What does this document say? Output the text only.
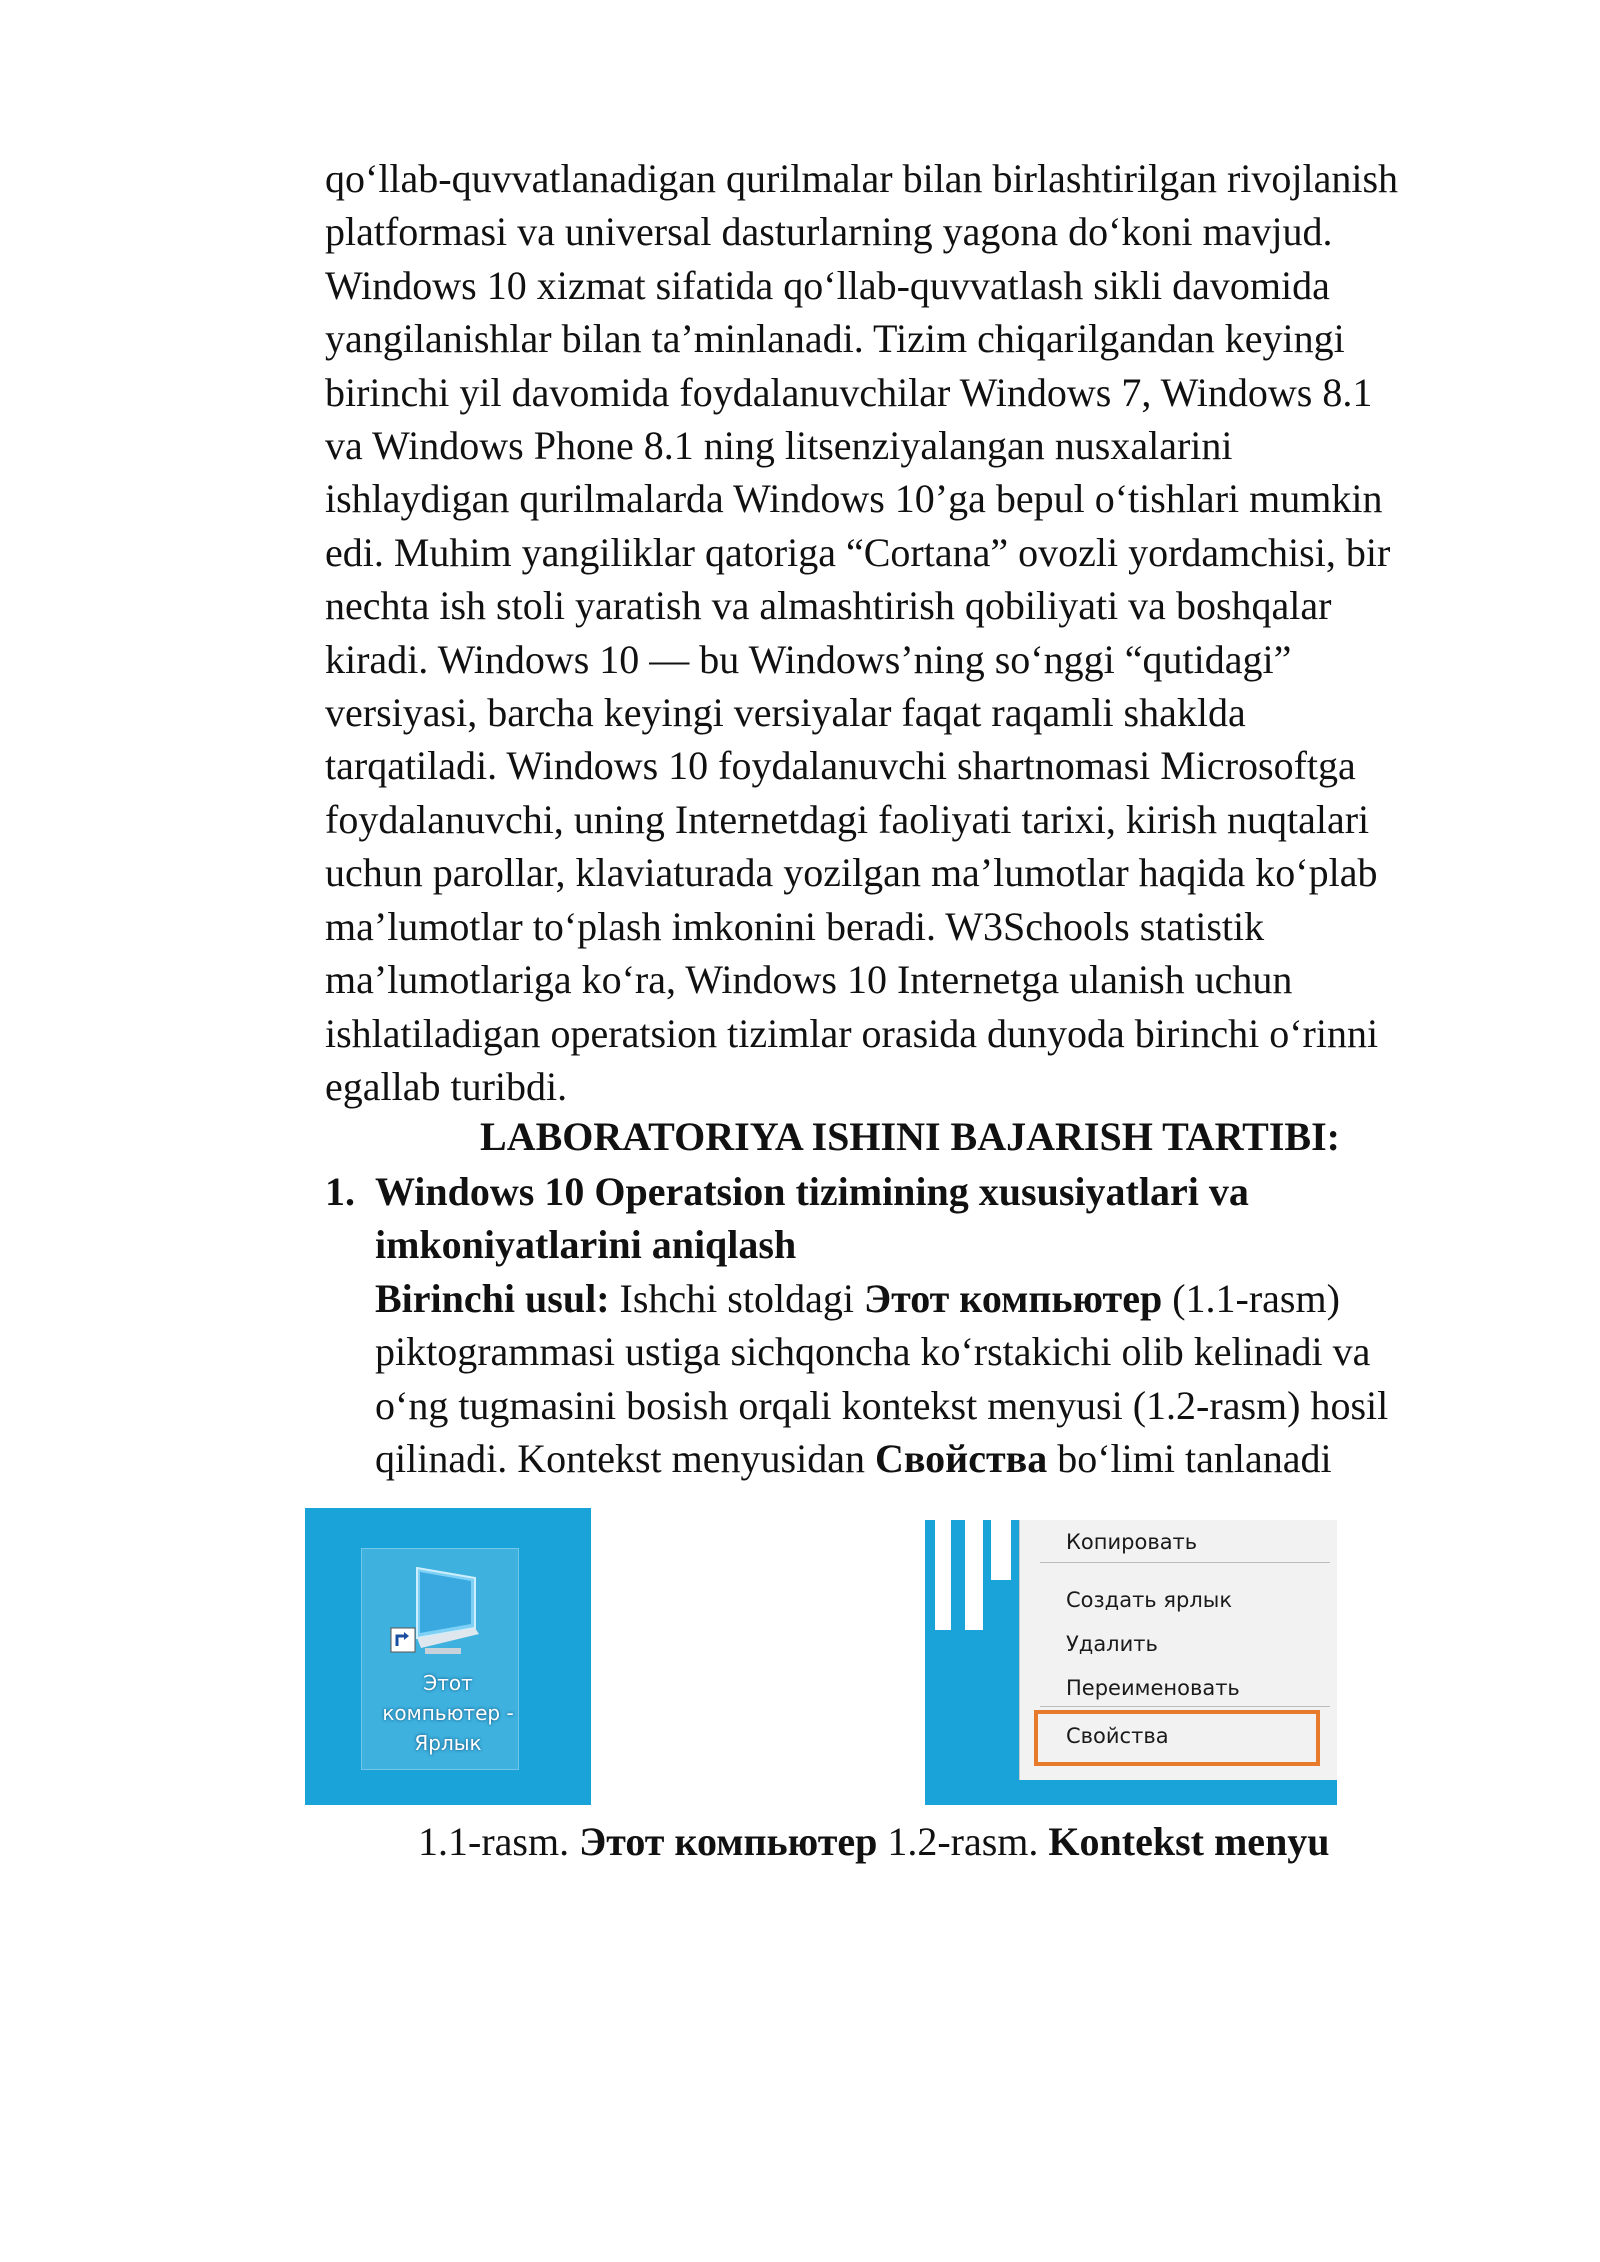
qo‘llab-quvvatlanadigan qurilmalar bilan birlashtirilgan rivojlanish
platformasi va universal dasturlarning yagona do‘koni mavjud.
Windows 10 xizmat sifatida qo‘llab-quvvatlash sikli davomida
yangilanishlar bilan ta’minlanadi. Tizim chiqarilgandan keyingi
birinchi yil davomida foydalanuvchilar Windows 7, Windows 8.1
va Windows Phone 8.1 ning litsenziyalangan nusxalarini
ishlaydigan qurilmalarda Windows 10’ga bepul o‘tishlari mumkin
edi. Muhim yangiliklar qatoriga “Cortana” ovozli yordamchisi, bir
nechta ish stoli yaratish va almashtirish qobiliyati va boshqalar
kiradi. Windows 10 — bu Windows’ning so‘nggi “qutidagi”
versiyasi, barcha keyingi versiyalar faqat raqamli shaklda
tarqatiladi. Windows 10 foydalanuvchi shartnomasi Microsoftga
foydalanuvchi, uning Internetdagi faoliyati tarixi, kirish nuqtalari
uchun parollar, klaviaturada yozilgan ma’lumotlar haqida ko‘plab
ma’lumotlar to‘plash imkonini beradi. W3Schools statistik
ma’lumotlariga ko‘ra, Windows 10 Internetga ulanish uchun
ishlatiladigan operatsion tizimlar orasida dunyoda birinchi o‘rinni
egallab turibdi.

LABORATORIYA ISHINI BAJARISH TARTIBI:
1. Windows 10 Operatsion tizimining xususiyatlari va
imkoniyatlarini aniqlash
Birinchi usul: Ishchi stoldagi Этот компьютер (1.1-rasm)
piktogrammasi ustiga sichqoncha ko‘rstakichi olib kelinadi va
o‘ng tugmasini bosish orqali kontekst menyusi (1.2-rasm) hosil
qilinadi. Kontekst menyusidan Свойства bo‘limi tanlanadi
Этот
компьютер -
Ярлык
Копировать
Создать ярлык
Удалить
Переименовать
Свойства
1.1-rasm. Этот компьютер 1.2-rasm. Kontekst menyu
